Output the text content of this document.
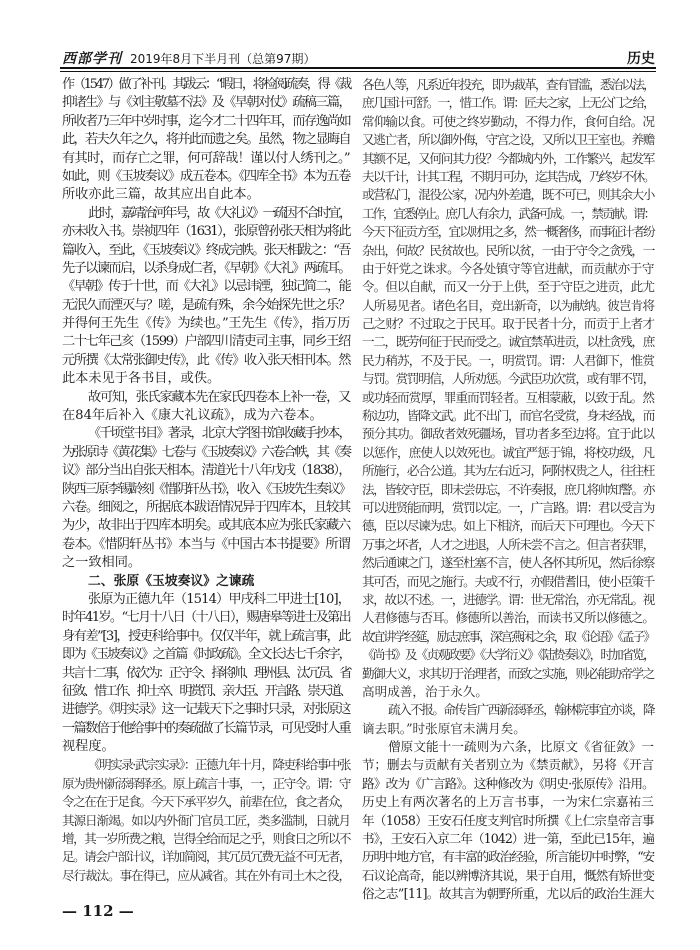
西部学刊 2019年8月下半月刊（总第97期）	历史
作（1547）做了补刊。其跋云：“暇日，将检阅疏奏，得《裁
抑诸生》与《刘主敬墓不法》及《早朝对仗》疏稿三篇，
所收者乃三年中岁时事，迄今才二十四年耳，而存逸尚如
此，若夫久年之久，将并此而遗之矣。虽然，物之显晦自
有其时，而存亡之罪，何可辞哉！谨以付人绣刊之。”
如此，则《玉坡奏议》成五卷本。《四库全书》本为五卷
所收亦此三篇，故其应出自此本。
此时，嘉靖治河年号，故《大礼议》一疏因不合时宜，
亦未收入书。崇祯四年（1631），张原曾孙张天相为将此
篇收入，至此，《玉坡奏议》终成完帙。张天相跋之：“吾
先子以谏而启，以杀身成仁者，《早朝》《大礼》两疏耳。
《早朝》传于十世，而《大礼》以忌讳湮，独记简二，能
无泯久而湮灭与？嗟，是疏有殊，余今始探先世之乐？
并得何王先生《传》为续也。”王先生《传》，指万历
二十七年己亥（1599）户部四川清吏司主事，同乡王绍
元所撰《太常张御史传》，此《传》收入张天相刊本。然
此本未见于各书目，或佚。
故可知，张氏家藏本先在家氏四卷本上补一卷，又
在84年后补入《康大礼议疏》，成为六卷本。
《千顷堂书目》著录，北京大学图书馆收藏手抄本，
为张原诗《黄花集》七卷与《玉坡奏议》六卷合帙，其《奏
议》部分当出自张天相本。清道光十八年戊戌（1838），
陕西三原李锡龄刻《惜阴轩丛书》，收入《玉坡先生奏议》
六卷。细阅之，所据底本跋语情况异于四库本，且较其
为少，故非出于四库本明矣。或其底本应为张氏家藏六
卷本。《惜阴轩丛书》本当与《中国古本书提要》所谓
之一致相同。
二、张原《玉坡奏议》之谏疏
张原为正德九年（1514）甲戌科二甲进士[10]，
时年41岁。“七月十八日（十八日），赐唐皋等进士及第出
身有差”[3]，授吏科给事中。仅仅半年，就上疏言事，此
即为《玉坡奏议》之首篇《时政疏》。全文长达七千余字，
共言十二事，依次为：正守令、择将帅、理州县、汰冗员、省
征敛、惜工作、抑士卒、明赏罚、亲大臣、开言路、崇天道、
进德学。《明实录》这一记载天下之事时只录，对张原这
一篇数倍于他给事中的奏疏做了长篇节录，可见受时人重
视程度。
《明实录·武宗实录》：正德九年十月，降吏科给事中张
原为贵州新添驿驿丞。原上疏言十事，一，正守令。谓：守
令之在在于足食。今天下承平岁久，前辈在位，食之者众，
其源日渐竭。如以内外衙门官员工匠，类多滥制，日就月
增，其一岁所费之粮，岂得全给而足之乎，则食日之所以不
足。请会户部计议，详加简阅，其冗员冗费无益不可无者，
尽行裁汰。事在得已，应从减省。其在外有司土木之役，
各色人等，凡系近年投充，即为裁革，查有冒滥，悉治以法，
庶几国计可舒。一，惜工作。谓：匠夫之家，上无公门之给，
常仰输以食。可使之终岁勤动，不得力作，食何自给。况
又逃亡者，所以御外侮，守宫之设，又所以卫王室也。养赡
其额不足，又何问其力役？今都城内外，工作繁兴，起发军
夫以千计，计其工程，不期月可办，迄其告成，乃终岁不休。
或营私门，混役公家，况内外差遣，既不可已，则其余大小
工作，宜悉停止。庶几人有余力，武备可成。一，禁贡献。谓：
今天下征贡方至，宜以财用之多，然一概奢侈，而事征计者纷
杂出，何故？民贫故也。民所以贫，一由于守令之贪残，一
由于奸党之诛求。今各处镇守等官进献，而贡献亦于守
令。但以自献，而又一分于上供，至于守臣之进贡，此尤
人所易见者。诸色名目，竞出新奇，以为献纳。彼岂肯将
己之财？不过取之于民耳。取于民者十分，而贡于上者才
一二，既劳何征于民而受之。诚宜禁革进贡，以杜贪残，庶
民力稍苏，不及于民。一，明赏罚。谓：人君御下，惟赏
与罚。赏罚明信，人所劝惩。今武臣功次赏，或有罪不罚，
或功轻而赏厚，罪重而罚轻者。互相蒙蔽，以致于乱。然
称边功，皆降文武。此不出门，而官名受赏，身未经战，而
预分其功。御敌者效死疆场，冒功者多至边将。宜于此以
以惩作，庶使人以效死也。诚宜严惩于锦，将校功级，凡
所施行，必合公道。其为左右近习，阿附权贵之人，往往枉
法，皆较守臣，即未尝毋忘，不许奏报，庶几将帅知警。亦
可以进贤能而明，赏罚以定。一，广言路。谓：君以受言为
德，臣以尽谏为忠。如上下相济，而后天下可理也。今天下
万事之坏者，人才之进退，人所未尝不言之。但言者获罪，
然后通谏之门，遂至杜塞不言，使人各怀其所见，然后徐察
其可否，而见之施行。夫或不行，亦假借耆旧，使小臣策千
求，故以不述。一，进德学。谓：世无常治，亦无常乱。视
人君修德与否耳。修德所以善治，而读书又所以修德之。
故宜讲学经筵，励志庶事，深宫燕闲之余，取《论语》《孟子》
《尚书》及《贞观政要》《大学衍义》《陆贽奏议》，时加省览，
勤御大义，求其切于治理者，而致之实施，则必能助帝学之
高明成善，治于永久。
疏入不报。命传旨广西新添驿丞，翰林院事宜亦谈，降
谪去职。”时张原官未满月矣。
僧原文能十一疏则为六条，比原文《省征敛》一
节；删去与贡献有关者别立为《禁贡献》，另将《开言
路》改为《广言路》。这种修改为《明史·张原传》沿用。
历史上有两次著名的上万言书事，一为宋仁宗嘉祐三
年（1058）王安石任度支判官时所撰《上仁宗皇帝言事
书》，王安石入京二年（1042）进一第，至此已15年，遍
历明中地方官，有丰富的政治经验，所言能切中时弊，“安
石议论高奇，能以辨博济其说，果于自用，慨然有矫世变
俗之志”[11]。故其言为朝野所重，尤以后的政治生涯大
— 112 —
